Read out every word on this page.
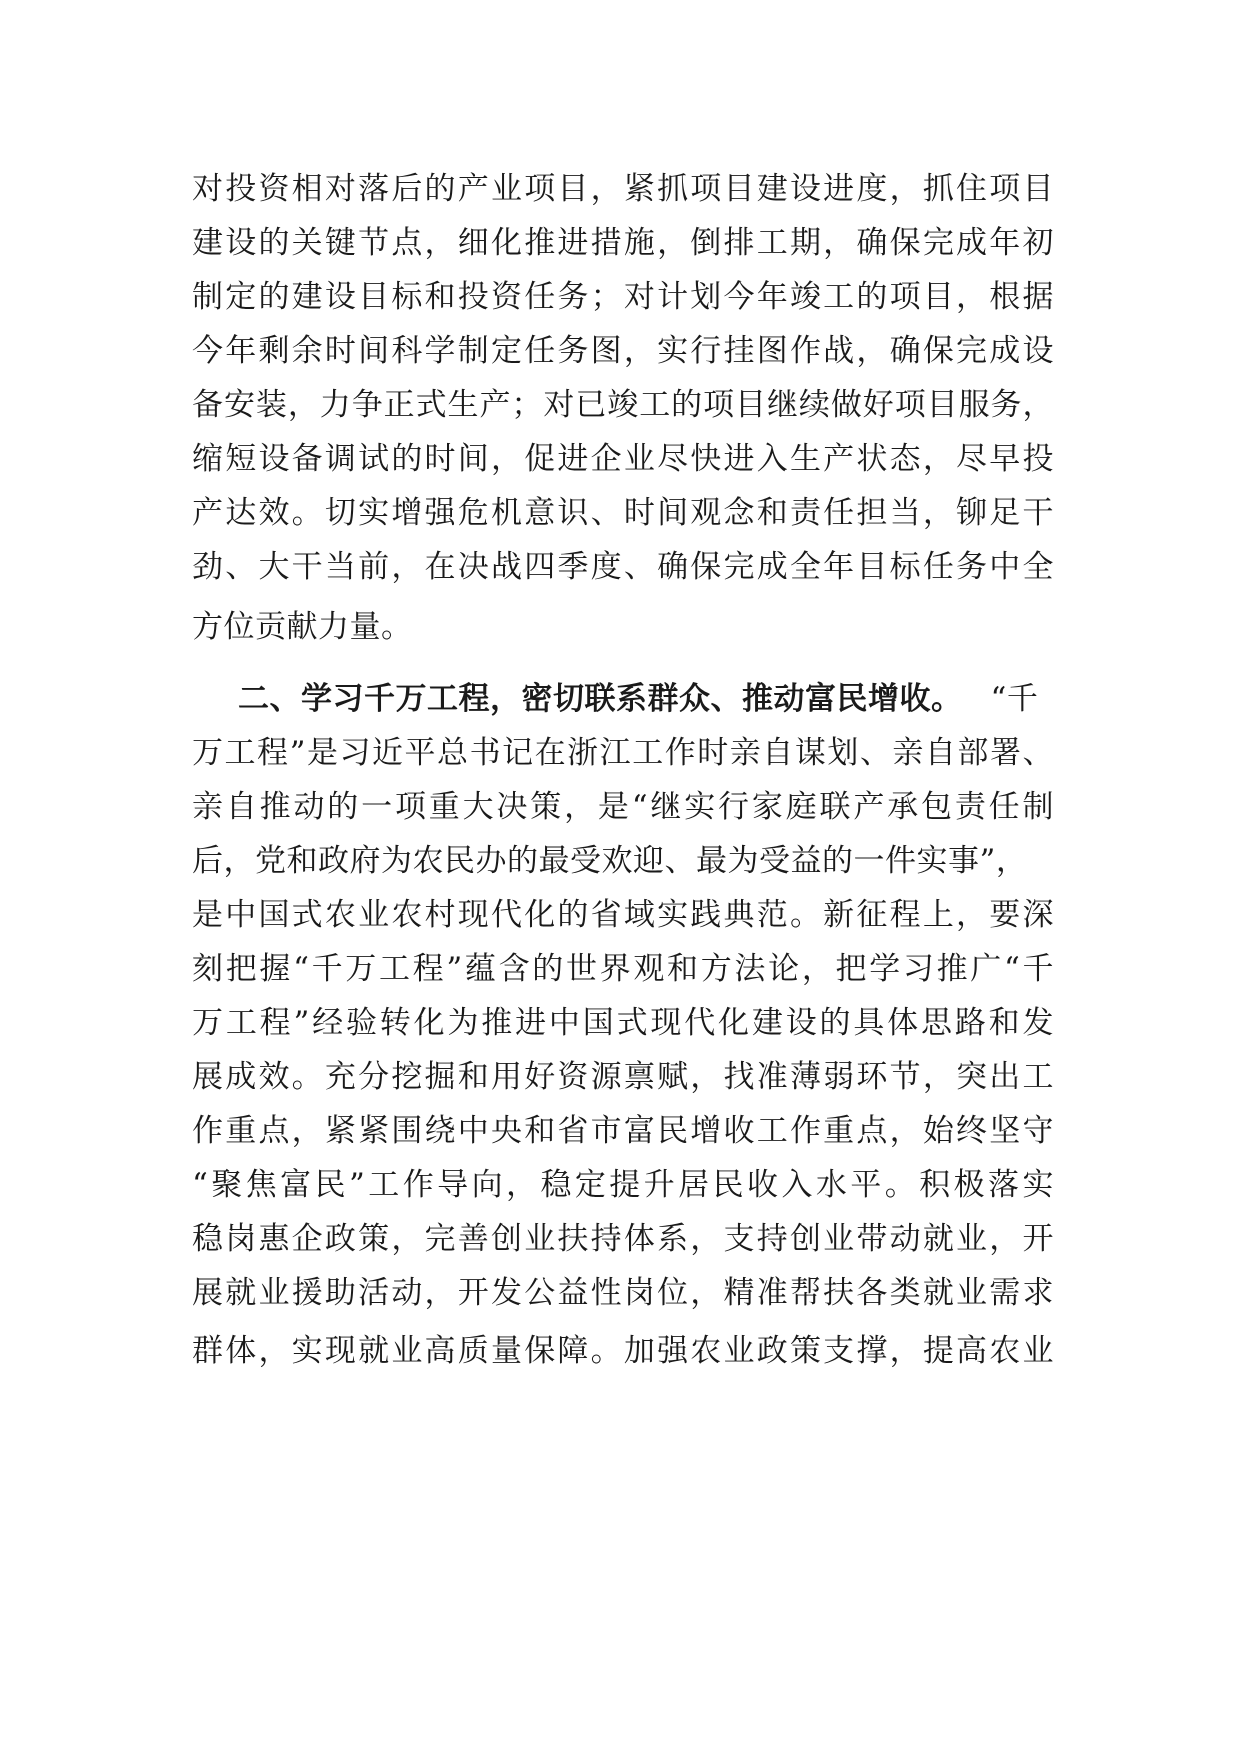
对投资相对落后的产业项目，紧抓项目建设进度，抓住项目
建设的关键节点，细化推进措施，倒排工期，确保完成年初
制定的建设目标和投资任务；对计划今年竣工的项目，根据
今年剩余时间科学制定任务图，实行挂图作战，确保完成设
备安装，力争正式生产；对已竣工的项目继续做好项目服务，
缩短设备调试的时间，促进企业尽快进入生产状态，尽早投
产达效。切实增强危机意识、时间观念和责任担当，铆足干
劲、大干当前，在决战四季度、确保完成全年目标任务中全
方位贡献力量。
二、学习千万工程，密切联系群众、推动富民增收。 “千
万工程”是习近平总书记在浙江工作时亲自谋划、亲自部署、
亲自推动的一项重大决策，是“继实行家庭联产承包责任制
后，党和政府为农民办的最受欢迎、最为受益的一件实事”，
是中国式农业农村现代化的省域实践典范。新征程上，要深
刻把握“千万工程”蕴含的世界观和方法论，把学习推广“千
万工程”经验转化为推进中国式现代化建设的具体思路和发
展成效。充分挖掘和用好资源禀赋，找准薄弱环节，突出工
作重点，紧紧围绕中央和省市富民增收工作重点，始终坚守
“聚焦富民”工作导向，稳定提升居民收入水平。积极落实
稳岗惠企政策，完善创业扶持体系，支持创业带动就业，开
展就业援助活动，开发公益性岗位，精准帮扶各类就业需求
群体，实现就业高质量保障。加强农业政策支撑，提高农业
